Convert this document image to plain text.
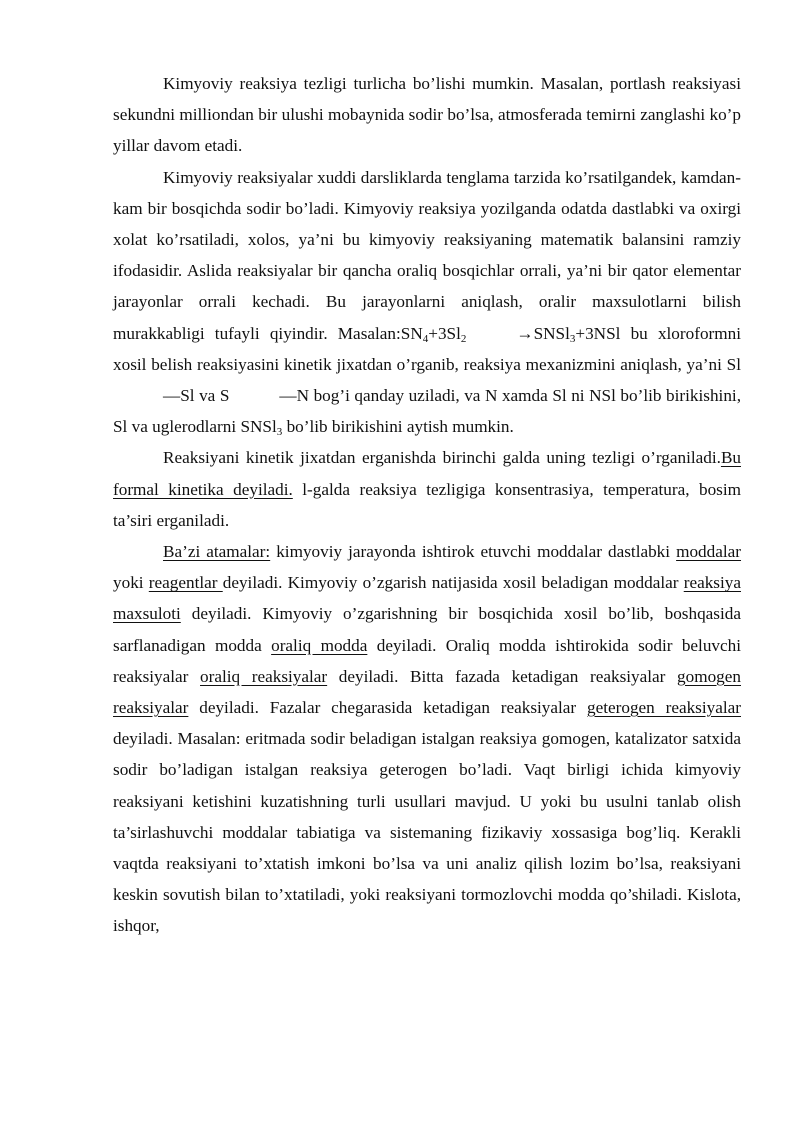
Kimyoviy reaksiya tezligi turlicha bo’lishi mumkin. Masalan, portlash reaksiyasi sekundni milliondan bir ulushi mobaynida sodir bo’lsa, atmosferada temirni zanglashi ko’p yillar davom etadi.

Kimyoviy reaksiyalar xuddi darsliklarda tenglama tarzida ko’rsatilgandek, kamdan-kam bir bosqichda sodir bo’ladi. Kimyoviy reaksiya yozilganda odatda dastlabki va oxirgi xolat ko’rsatiladi, xolos, ya’ni bu kimyoviy reaksiyaning matematik balansini ramziy ifodasidir. Aslida reaksiyalar bir qancha oraliq bosqichlar orrali, ya’ni bir qator elementar jarayonlar orrali kechadi. Bu jarayonlarni aniqlash, oralir maxsulotlarni bilish murakkabligi tufayli qiyindir. $Masalan:SN_4+3Sl_2$	→SNSl$_3$+3NSl bu xloroformni xosil belish reaksiyasini kinetik jixatdan o’rganib, reaksiya mexanizmini aniqlash, ya’ni Sl —Sl va S	—N bog’i qanday uziladi, va N xamda Sl ni NSl bo’lib birikishini, Sl va uglerodlarni SNSl$_3$ bo’lib birikishini aytish mumkin.

Reaksiyani kinetik jixatdan erganishda birinchi galda uning tezligi o’rganiladi.Bu formal kinetika deyiladi. l-galda reaksiya tezligiga konsentrasiya, temperatura, bosim ta’siri erganiladi.

Ba’zi atamalar: kimyoviy jarayonda ishtirok etuvchi moddalar dastlabki moddalar yoki reagentlar deyiladi. Kimyoviy o’zgarish natijasida xosil beladigan moddalar reaksiya maxsuloti deyiladi. Kimyoviy o’zgarishning bir bosqichida xosil bo’lib, boshqasida sarflanadigan modda oraliq modda deyiladi. Oraliq modda ishtirokida sodir beluvchi reaksiyalar oraliq reaksiyalar deyiladi. Bitta fazada ketadigan reaksiyalar gomogen reaksiyalar deyiladi. Fazalar chegarasida ketadigan reaksiyalar geterogen reaksiyalar deyiladi. Masalan: eritmada sodir beladigan istalgan reaksiya gomogen, katalizator satxida sodir bo’ladigan istalgan reaksiya geterogen bo’ladi. Vaqt birligi ichida kimyoviy reaksiyani ketishini kuzatishning turli usullari mavjud. U yoki bu usulni tanlab olish ta’sirlashuvchi moddalar tabiatiga va sistemaning fizikaviy xossasiga bog’liq. Kerakli vaqtda reaksiyani to’xtatish imkoni bo’lsa va uni analiz qilish lozim bo’lsa, reaksiyani keskin sovutish bilan to’xtatiladi, yoki reaksiyani tormozlovchi modda qo’shiladi. Kislota, ishqor,
